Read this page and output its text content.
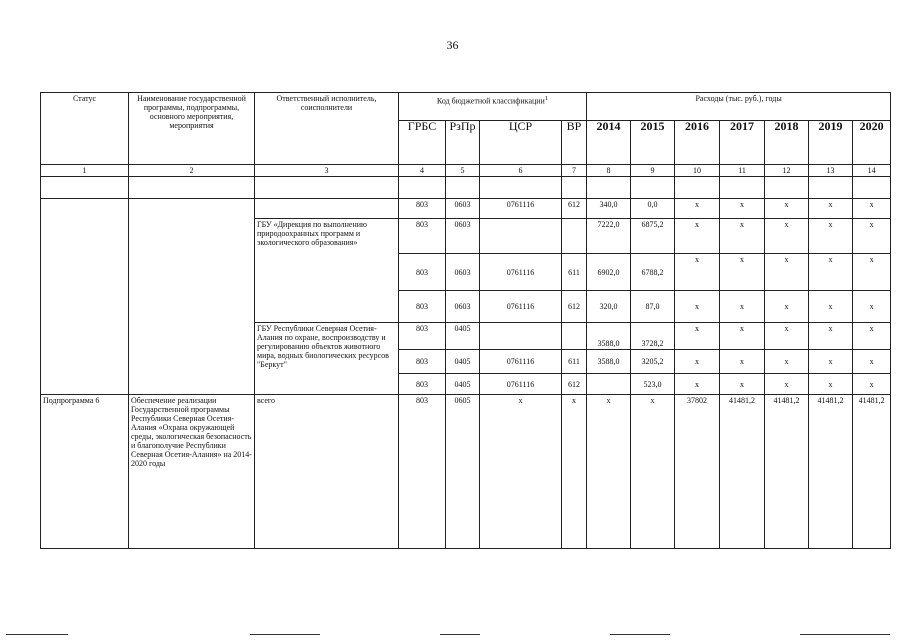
36
Статус	Наименование государственной программы, подпрограммы, основного мероприятия, мероприятия	Ответственный исполнитель, соисполнители	Код бюджетной классификации$^1$				Расходы (тыс. руб.), годы						
			ГРБС	РзПр	ЦСР	ВР	2014	2015	2016	2017	2018	2019	2020
1	2	3	4	5	6	7	8	9	10	11	12	13	14

			803	0603	0761116	612	340,0	0,0	x	x	x	x	x
		ГБУ «Дирекция по выполнению природоохранных программ и экологического образования»	803	0603			7222,0	6875,2	x	x	x	x	x
			803	0603	0761116	611	6902,0	6788,2	x	x	x	x	x
			803	0603	0761116	612	320,0	87,0	x	x	x	x	x
		ГБУ Республики Северная Осетия-Алания по охране, воспроизводству и регулированию объектов животного мира, водных биологических ресурсов "Беркут"	803	0405			3588,0	3728,2	x	x	x	x	x
			803	0405	0761116	611	3588,0	3205,2	x	x	x	x	x
			803	0405	0761116	612		523,0	x	x	x	x	x
Подпрограмма 6	Обеспечение реализации Государственной программы Республики Северная Осетия-Алания «Охрана окружающей среды, экологическая безопасность и благополучие Республики Северная Осетия-Алания» на 2014-2020 годы	всего	803	0605	x	x	x	x	37802	41481,2	41481,2	41481,2	41481,2
